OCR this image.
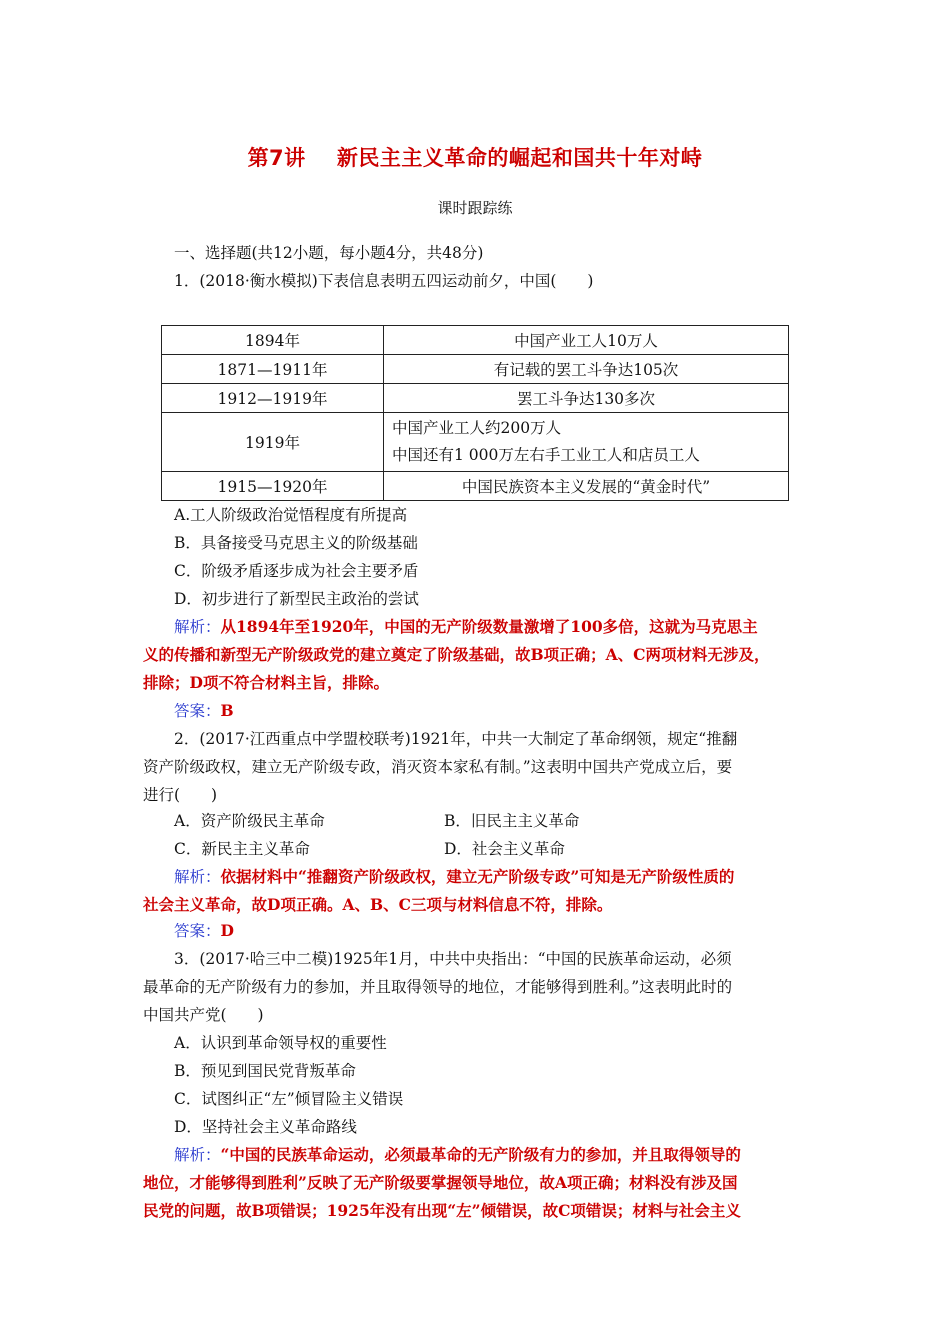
第7讲    新民主主义革命的崛起和国共十年对峙
课时跟踪练
一、选择题(共12小题，每小题4分，共48分)
1．(2018·衡水模拟)下表信息表明五四运动前夕，中国(　　)
1894年	中国产业工人10万人
1871—1911年	有记载的罢工斗争达105次
1912—1919年	罢工斗争达130多次
1919年	中国产业工人约200万人
中国还有1 000万左右手工业工人和店员工人

1915—1920年	中国民族资本主义发展的“黄金时代”
A.工人阶级政治觉悟程度有所提高
B．具备接受马克思主义的阶级基础
C．阶级矛盾逐步成为社会主要矛盾
D．初步进行了新型民主政治的尝试
解析：从1894年至1920年，中国的无产阶级数量激增了100多倍，这就为马克思主
义的传播和新型无产阶级政党的建立奠定了阶级基础，故B项正确；A、C两项材料无涉及，
排除；D项不符合材料主旨，排除。
答案：B
2．(2017·江西重点中学盟校联考)1921年，中共一大制定了革命纲领，规定“推翻
资产阶级政权，建立无产阶级专政，消灭资本家私有制。”这表明中国共产党成立后，要
进行(　　)
A．资产阶级民主革命	B．旧民主主义革命
C．新民主主义革命	D．社会主义革命
解析：依据材料中“推翻资产阶级政权，建立无产阶级专政”可知是无产阶级性质的
社会主义革命，故D项正确。A、B、C三项与材料信息不符，排除。
答案：D
3．(2017·哈三中二模)1925年1月，中共中央指出：“中国的民族革命运动，必须
最革命的无产阶级有力的参加，并且取得领导的地位，才能够得到胜利。”这表明此时的
中国共产党(　　)
A．认识到革命领导权的重要性
B．预见到国民党背叛革命
C．试图纠正“左”倾冒险主义错误
D．坚持社会主义革命路线
解析：“中国的民族革命运动，必须最革命的无产阶级有力的参加，并且取得领导的
地位，才能够得到胜利”反映了无产阶级要掌握领导地位，故A项正确；材料没有涉及国
民党的问题，故B项错误；1925年没有出现“左”倾错误，故C项错误；材料与社会主义
